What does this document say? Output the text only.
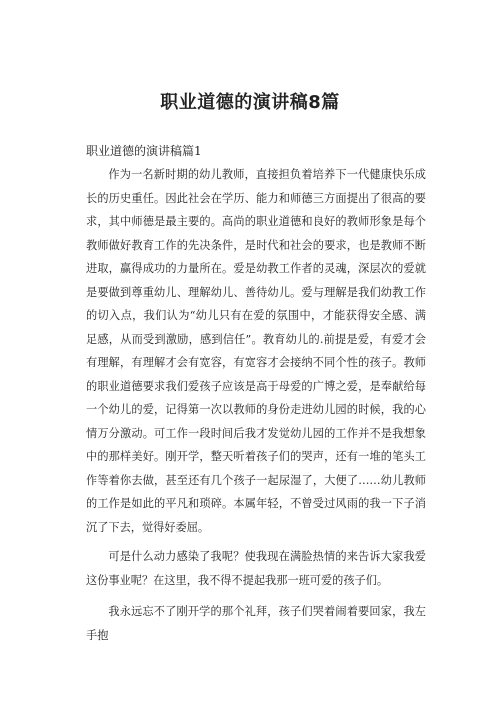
职业道德的演讲稿8篇

职业道德的演讲稿篇1

作为一名新时期的幼儿教师，直接担负着培养下一代健康快乐成长的历史重任。因此社会在学历、能力和师德三方面提出了很高的要求，其中师德是最主要的。高尚的职业道德和良好的教师形象是每个教师做好教育工作的先决条件，是时代和社会的要求，也是教师不断进取，赢得成功的力量所在。爱是幼教工作者的灵魂，深层次的爱就是要做到尊重幼儿、理解幼儿、善待幼儿。爱与理解是我们幼教工作的切入点，我们认为“幼儿只有在爱的氛围中，才能获得安全感、满足感，从而受到激励，感到信任”。教育幼儿的.前提是爱，有爱才会有理解，有理解才会有宽容，有宽容才会接纳不同个性的孩子。教师的职业道德要求我们爱孩子应该是高于母爱的广博之爱，是奉献给每一个幼儿的爱，记得第一次以教师的身份走进幼儿园的时候，我的心情万分激动。可工作一段时间后我才发觉幼儿园的工作并不是我想象中的那样美好。刚开学，整天听着孩子们的哭声，还有一堆的笔头工作等着你去做，甚至还有几个孩子一起尿湿了，大便了……幼儿教师的工作是如此的平凡和琐碎。本属年轻，不曾受过风雨的我一下子消沉了下去，觉得好委屈。

可是什么动力感染了我呢？使我现在满脸热情的来告诉大家我爱这份事业呢？在这里，我不得不提起我那一班可爱的孩子们。

我永远忘不了刚开学的那个礼拜，孩子们哭着闹着要回家，我左手抱
